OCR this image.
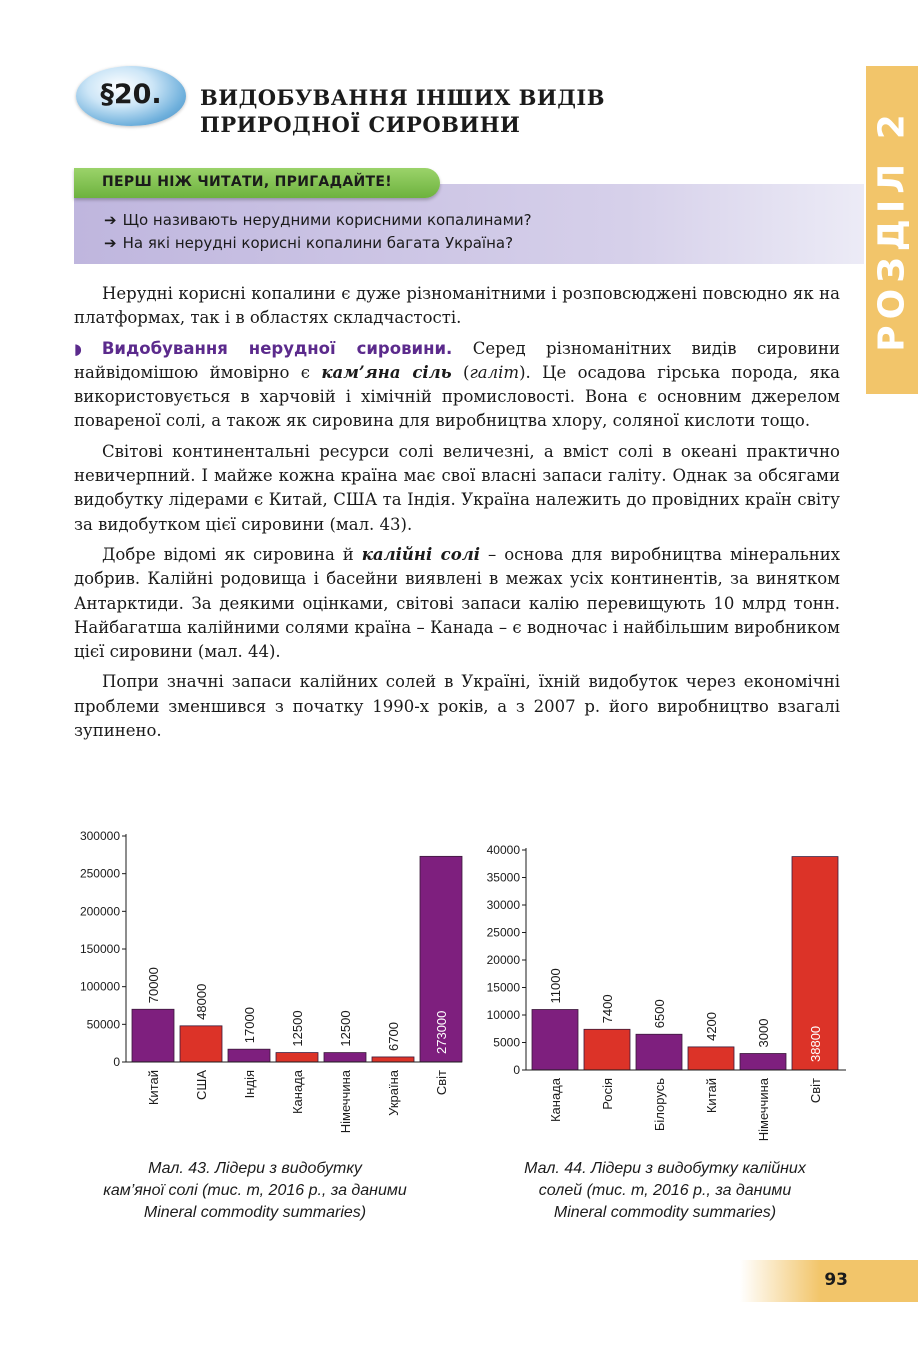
РОЗДІЛ 2
§20.	ВИДОБУВАННЯ ІНШИХ ВИДІВ
ПРИРОДНОЇ СИРОВИНИ
ПЕРШ НІЖ ЧИТАТИ, ПРИГАДАЙТЕ!
➔ Що називають нерудними корисними копалинами?
➔ На які нерудні корисні копалини багата Україна?

Нерудні корисні копалини є дуже різноманітними і розповсюджені повсюдно як на платформах, так і в областях складчастості.

◗ Видобування нерудної сировини. Серед різноманітних видів сировини найвідомішою ймовірно є кам’яна сіль (галіт). Це осадова гірська порода, яка використовується в харчовій і хімічній промисловості. Вона є основним джерелом повареної солі, а також як сировина для виробництва хлору, соляної кислоти тощо.

Світові континентальні ресурси солі величезні, а вміст солі в океані практично невичерпний. І майже кожна країна має свої власні запаси галіту. Однак за обсягами видобутку лідерами є Китай, США та Індія. Україна належить до провідних країн світу за видобутком цієї сировини (мал. 43).

Добре відомі як сировина й калійні солі – основа для виробництва мінеральних добрив. Калійні родовища і басейни виявлені в межах усіх континентів, за винятком Антарктиди. За деякими оцінками, світові запаси калію перевищують 10 млрд тонн. Найбагатша калійними солями країна – Канада – є водночас і найбільшим виробником цієї сировини (мал. 44).

Попри значні запаси калійних солей в Україні, їхній видобуток через економічні проблеми зменшився з початку 1990-х років, а з 2007 р. його виробництво взагалі зупинено.

0
50000
100000
150000
200000
250000
300000
70000
Китай
48000
США
17000
Індія
12500
Канада
12500
Німеччина
6700
Україна
273000
Світ
Мал. 43. Лідери з видобутку
кам’яної солі (тис. т, 2016 р., за даними
Mineral commodity summaries)
0
5000
10000
15000
20000
25000
30000
35000
40000
11000
Канада
7400
Росія
6500
Білорусь
4200
Китай
3000
Німеччина
38800
Світ
Мал. 44. Лідери з видобутку калійних
солей (тис. т, 2016 р., за даними
Mineral commodity summaries)
93
